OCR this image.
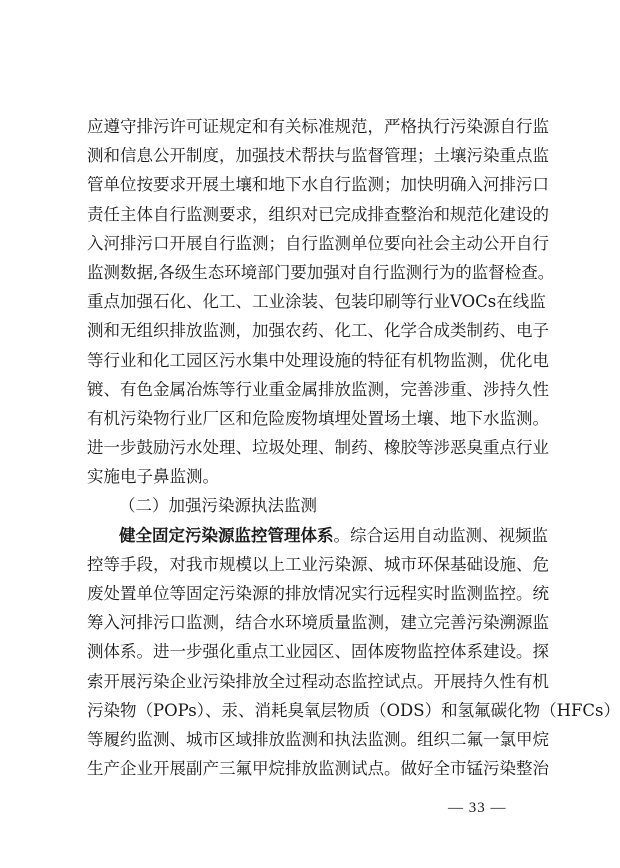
应遵守排污许可证规定和有关标准规范，严格执行污染源自行监
测和信息公开制度，加强技术帮扶与监督管理；土壤污染重点监
管单位按要求开展土壤和地下水自行监测；加快明确入河排污口
责任主体自行监测要求，组织对已完成排查整治和规范化建设的
入河排污口开展自行监测；自行监测单位要向社会主动公开自行
监测数据,各级生态环境部门要加强对自行监测行为的监督检查。
重点加强石化、化工、工业涂装、包装印刷等行业VOCs在线监
测和无组织排放监测，加强农药、化工、化学合成类制药、电子
等行业和化工园区污水集中处理设施的特征有机物监测，优化电
镀、有色金属冶炼等行业重金属排放监测，完善涉重、涉持久性
有机污染物行业厂区和危险废物填埋处置场土壤、地下水监测。
进一步鼓励污水处理、垃圾处理、制药、橡胶等涉恶臭重点行业
实施电子鼻监测。
（二）加强污染源执法监测
健全固定污染源监控管理体系。综合运用自动监测、视频监
控等手段，对我市规模以上工业污染源、城市环保基础设施、危
废处置单位等固定污染源的排放情况实行远程实时监测监控。统
筹入河排污口监测，结合水环境质量监测，建立完善污染溯源监
测体系。进一步强化重点工业园区、固体废物监控体系建设。探
索开展污染企业污染排放全过程动态监控试点。开展持久性有机
污染物（POPs）、汞、消耗臭氧层物质（ODS）和氢氟碳化物（HFCs）
等履约监测、城市区域排放监测和执法监测。组织二氟一氯甲烷
生产企业开展副产三氟甲烷排放监测试点。做好全市锰污染整治
— 33 —
